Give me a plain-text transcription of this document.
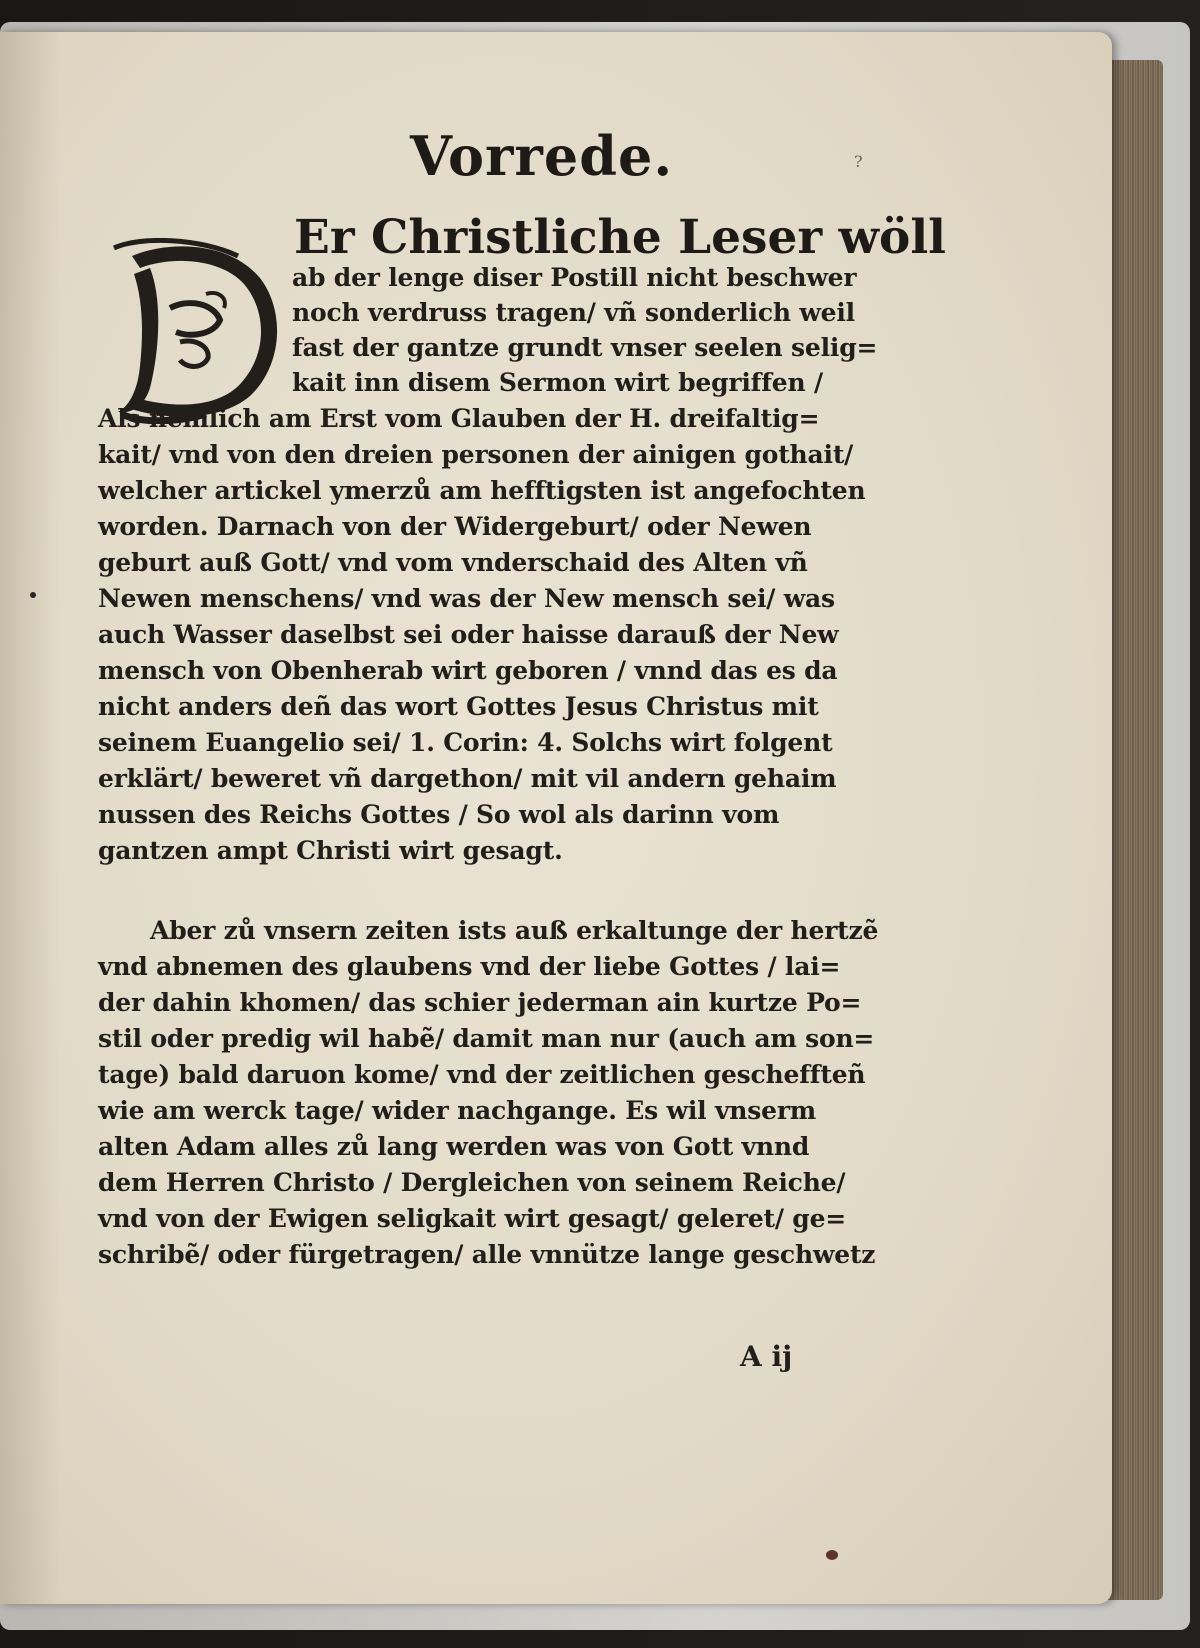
Vorrede.	?
Er Christliche Leser wöll
ab der lenge diser Postill nicht beschwer
noch verdruss tragen/ vñ sonderlich weil
fast der gantze grundt vnser seelen selig=
kait inn disem Sermon wirt begriffen /
Als nemlich am Erst vom Glauben der H. dreifaltig=
kait/ vnd von den dreien personen der ainigen gothait/
welcher artickel ymerzů am hefftigsten ist angefochten
worden. Darnach von der Widergeburt/ oder Newen
geburt auß Gott/ vnd vom vnderschaid des Alten vñ
Newen menschens/ vnd was der New mensch sei/ was
auch Wasser daselbst sei oder haisse darauß der New
mensch von Obenherab wirt geboren / vnnd das es da
nicht anders deñ das wort Gottes Jesus Christus mit
seinem Euangelio sei/ 1. Corin: 4. Solchs wirt folgent
erklärt/ beweret vñ dargethon/ mit vil andern gehaim
nussen des Reichs Gottes / So wol als darinn vom
gantzen ampt Christi wirt gesagt.
Aber zů vnsern zeiten ists auß erkaltunge der hertzẽ
vnd abnemen des glaubens vnd der liebe Gottes / lai=
der dahin khomen/ das schier jederman ain kurtze Po=
stil oder predig wil habẽ/ damit man nur (auch am son=
tage) bald daruon kome/ vnd der zeitlichen gescheffteñ
wie am werck tage/ wider nachgange. Es wil vnserm
alten Adam alles zů lang werden was von Gott vnnd
dem Herren Christo / Dergleichen von seinem Reiche/
vnd von der Ewigen seligkait wirt gesagt/ geleret/ ge=
schribẽ/ oder fürgetragen/ alle vnnütze lange geschwetz
A ij
